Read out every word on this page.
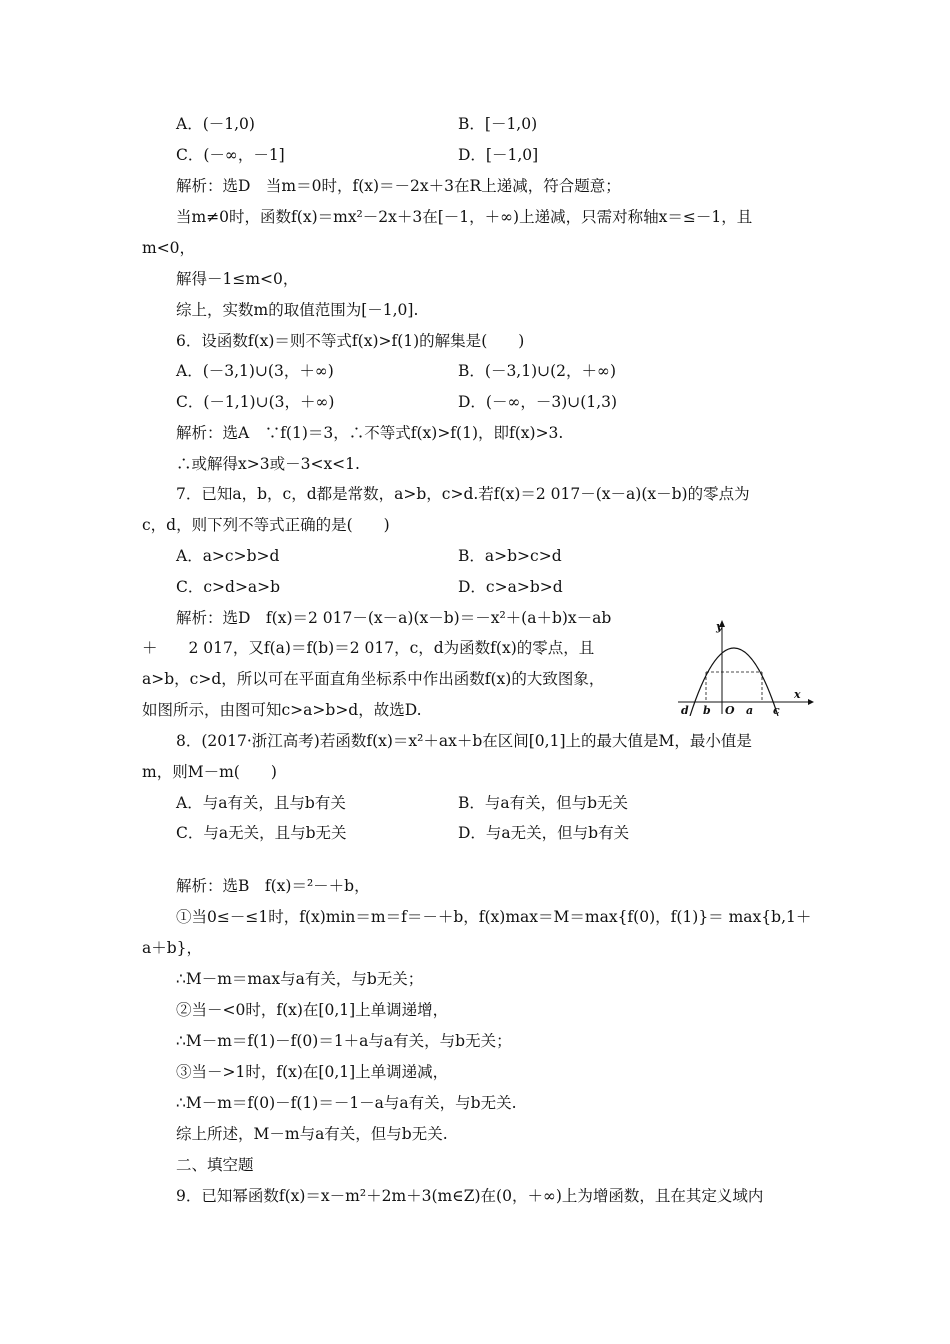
A．(－1,0)	B．[－1,0)
C．(－∞，－1]	D．[－1,0]
解析：选D　当m＝0时，f(x)＝－2x＋3在R上递减，符合题意；
当m≠0时，函数f(x)＝mx²－2x＋3在[－1，＋∞)上递减，只需对称轴x＝≤－1，且
m<0，
解得－1≤m<0，
综上，实数m的取值范围为[－1,0].
6．设函数f(x)＝则不等式f(x)>f(1)的解集是(　　)
A．(－3,1)∪(3，＋∞)	B．(－3,1)∪(2，＋∞)
C．(－1,1)∪(3，＋∞)	D．(－∞，－3)∪(1,3)
解析：选A　∵f(1)＝3，∴不等式f(x)>f(1)，即f(x)>3.
∴或解得x>3或－3<x<1.
7．已知a，b，c，d都是常数，a>b，c>d.若f(x)＝2 017－(x－a)(x－b)的零点为
c，d，则下列不等式正确的是(　　)
A．a>c>b>d	B．a>b>c>d
C．c>d>a>b	D．c>a>b>d
解析：选D　f(x)＝2 017－(x－a)(x－b)＝－x²＋(a＋b)x－ab
＋　　2 017，又f(a)＝f(b)＝2 017，c，d为函数f(x)的零点，且
a>b，c>d，所以可在平面直角坐标系中作出函数f(x)的大致图象，
如图所示，由图可知c>a>b>d，故选D.
8．(2017·浙江高考)若函数f(x)＝x²＋ax＋b在区间[0,1]上的最大值是M，最小值是
m，则M－m(　　)
A．与a有关，且与b有关	B．与a有关，但与b无关
C．与a无关，且与b无关	D．与a无关，但与b有关
解析：选B　f(x)＝²－＋b，
①当0≤－≤1时，f(x)min＝m＝f＝－＋b，f(x)max＝M＝max{f(0)，f(1)}＝ max{b,1＋
a＋b}，
∴M－m＝max与a有关，与b无关；
②当－<0时，f(x)在[0,1]上单调递增，
∴M－m＝f(1)－f(0)＝1＋a与a有关，与b无关；
③当－>1时，f(x)在[0,1]上单调递减，
∴M－m＝f(0)－f(1)＝－1－a与a有关，与b无关.
综上所述，M－m与a有关，但与b无关.
二、填空题
9．已知幂函数f(x)＝x－m²＋2m＋3(m∈Z)在(0，＋∞)上为增函数，且在其定义域内
y
x
d b O a c
